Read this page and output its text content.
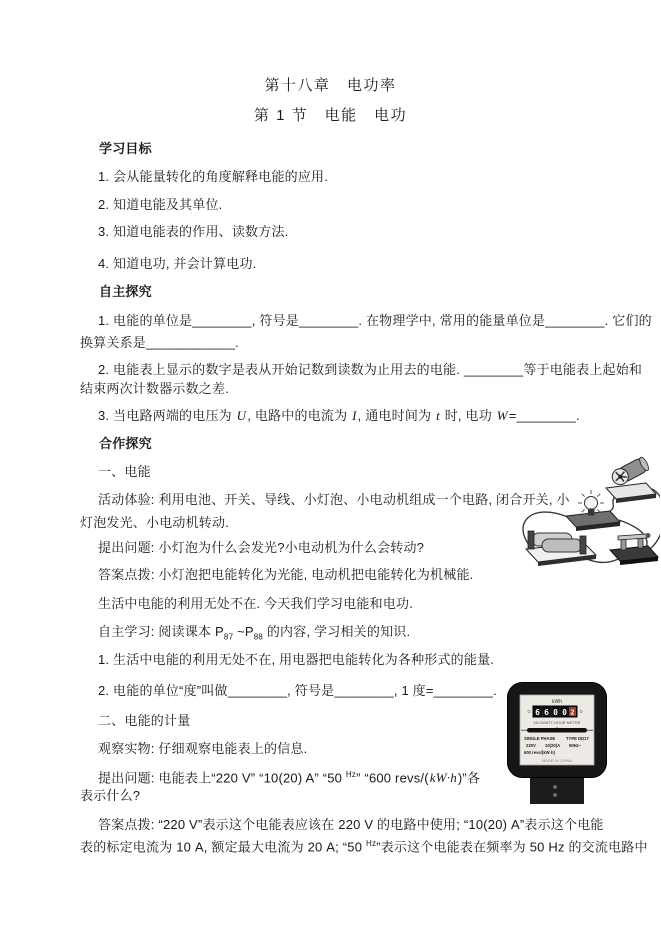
第十八章　电功率
第 1 节　电能　电功
学习目标
1. 会从能量转化的角度解释电能的应用.
2. 知道电能及其单位.
3. 知道电能表的作用、读数方法.
4. 知道电功, 并会计算电功.
自主探究
1. 电能的单位是________, 符号是________. 在物理学中, 常用的能量单位是________. 它们的
换算关系是____________.
2. 电能表上显示的数字是表从开始记数到读数为止用去的电能. ________等于电能表上起始和
结束两次计数器示数之差.
3. 当电路两端的电压为 U, 电路中的电流为 I, 通电时间为 t 时, 电功 W=________.
合作探究
一、电能
活动体验: 利用电池、开关、导线、小灯泡、小电动机组成一个电路, 闭合开关, 小
灯泡发光、小电动机转动.
提出问题: 小灯泡为什么会发光?小电动机为什么会转动?
答案点拨: 小灯泡把电能转化为光能, 电动机把电能转化为机械能.
生活中电能的利用无处不在. 今天我们学习电能和电功.
自主学习: 阅读课本 $P_{87}$ $\sim P_{88}$ 的内容, 学习相关的知识.
1. 生活中电能的利用无处不在, 用电器把电能转化为各种形式的能量.
2. 电能的单位“度”叫做________, 符号是________, 1 度=________.
二、电能的计量
观察实物: 仔细观察电能表上的信息.
提出问题: 电能表上“220 V” “10(20) A” “50 $^{Hz}$” “600 revs/(kW·h)”各
表示什么?
答案点拨: “220 V”表示这个电能表应该在 220 V 的电路中使用; “10(20) A”表示这个电能
表的标定电流为 10 A, 额定最大电流为 20 A; “50 $^{Hz}$”表示这个电能表在频率为 50 Hz 的交流电路中
kWh
6 6 0 0 2
KILOWATT-HOUR METER
SINGLE PHASE	TYPE DD17
220V 10(20)A 50Hz~
600 revs/(kW·h)
MADE IN CHINA
